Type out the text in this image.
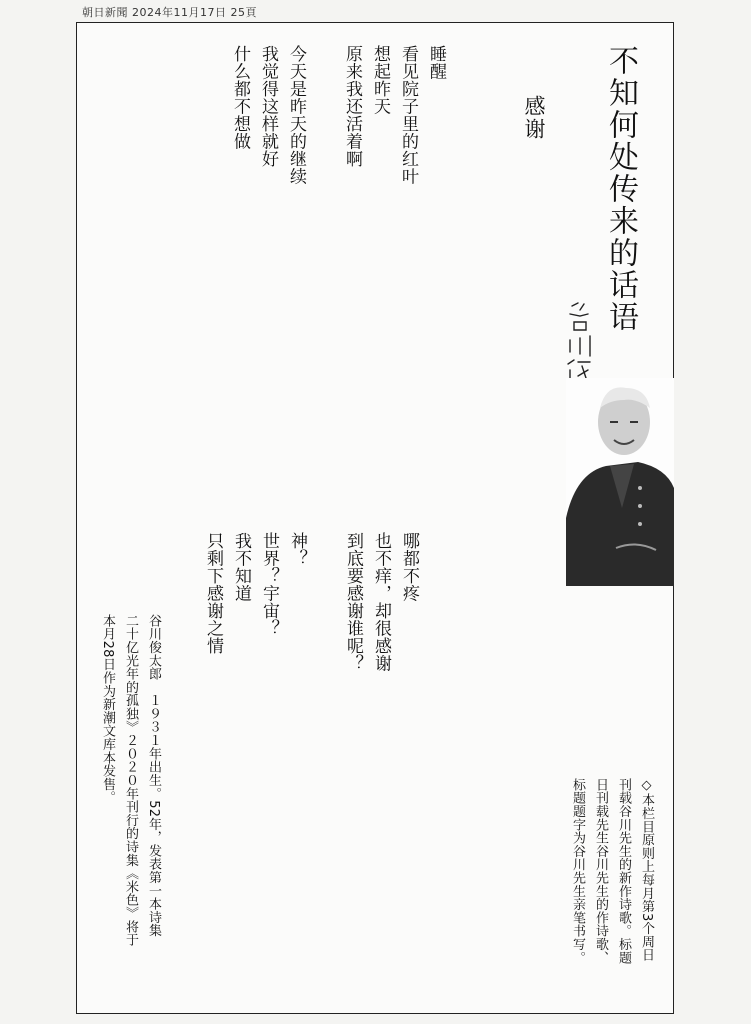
朝日新聞 2024年11月17日 25頁
不知何处传来的话语
感谢
睡醒
看见院子里的红叶
想起昨天
原来我还活着啊

今天是昨天的继续
我觉得这样就好
什么都不想做
哪都不疼
也不痒，却很感谢
到底要感谢谁呢？

神？
世界？宇宙？
我不知道
只剩下感谢之情
谷川俊太郎　１９３１年出生。52年，发表第一本诗集
二十亿光年的孤独》２０２０年刊行的诗集《米色》将于
本月28日作为新潮文库本发售。
◇本栏目原则上每月第3个周日
刊载谷川先生的新作诗歌。标题
日刊载先生谷川先生的作诗歌、
标题题字为谷川先生亲笔书写。
